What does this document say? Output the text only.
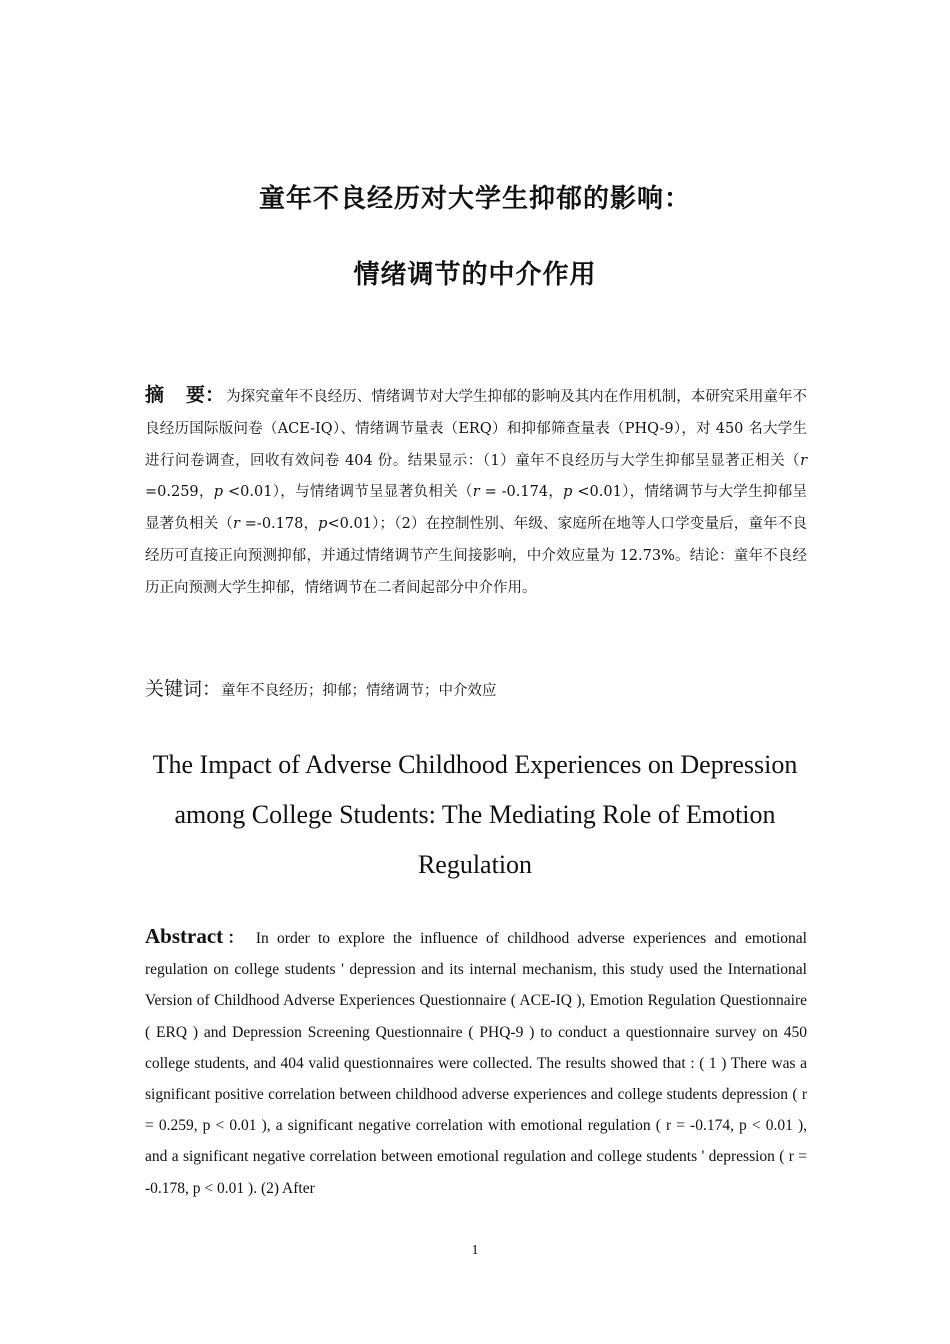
童年不良经历对大学生抑郁的影响：
情绪调节的中介作用
摘 要： 为探究童年不良经历、情绪调节对大学生抑郁的影响及其内在作用机制，本研究采用童年不良经历国际版问卷（ACE-IQ）、情绪调节量表（ERQ）和抑郁筛查量表（PHQ-9），对 450 名大学生进行问卷调查，回收有效问卷 404 份。结果显示：（1）童年不良经历与大学生抑郁呈显著正相关（r =0.259，p <0.01），与情绪调节呈显著负相关（r = -0.174，p <0.01），情绪调节与大学生抑郁呈显著负相关（r =-0.178，p<0.01）；（2）在控制性别、年级、家庭所在地等人口学变量后，童年不良经历可直接正向预测抑郁，并通过情绪调节产生间接影响，中介效应量为 12.73%。结论：童年不良经历正向预测大学生抑郁，情绪调节在二者间起部分中介作用。
关键词：童年不良经历；抑郁；情绪调节；中介效应
The Impact of Adverse Childhood Experiences on Depression
among College Students: The Mediating Role of Emotion
Regulation
Abstract： In order to explore the influence of childhood adverse experiences and emotional regulation on college students ' depression and its internal mechanism, this study used the International Version of Childhood Adverse Experiences Questionnaire ( ACE-IQ ), Emotion Regulation Questionnaire ( ERQ ) and Depression Screening Questionnaire ( PHQ-9 ) to conduct a questionnaire survey on 450 college students, and 404 valid questionnaires were collected. The results showed that : ( 1 ) There was a significant positive correlation between childhood adverse experiences and college students depression ( r = 0.259, p < 0.01 ), a significant negative correlation with emotional regulation ( r = -0.174, p < 0.01 ), and a significant negative correlation between emotional regulation and college students ' depression ( r = -0.178, p < 0.01 ). (2) After
1
